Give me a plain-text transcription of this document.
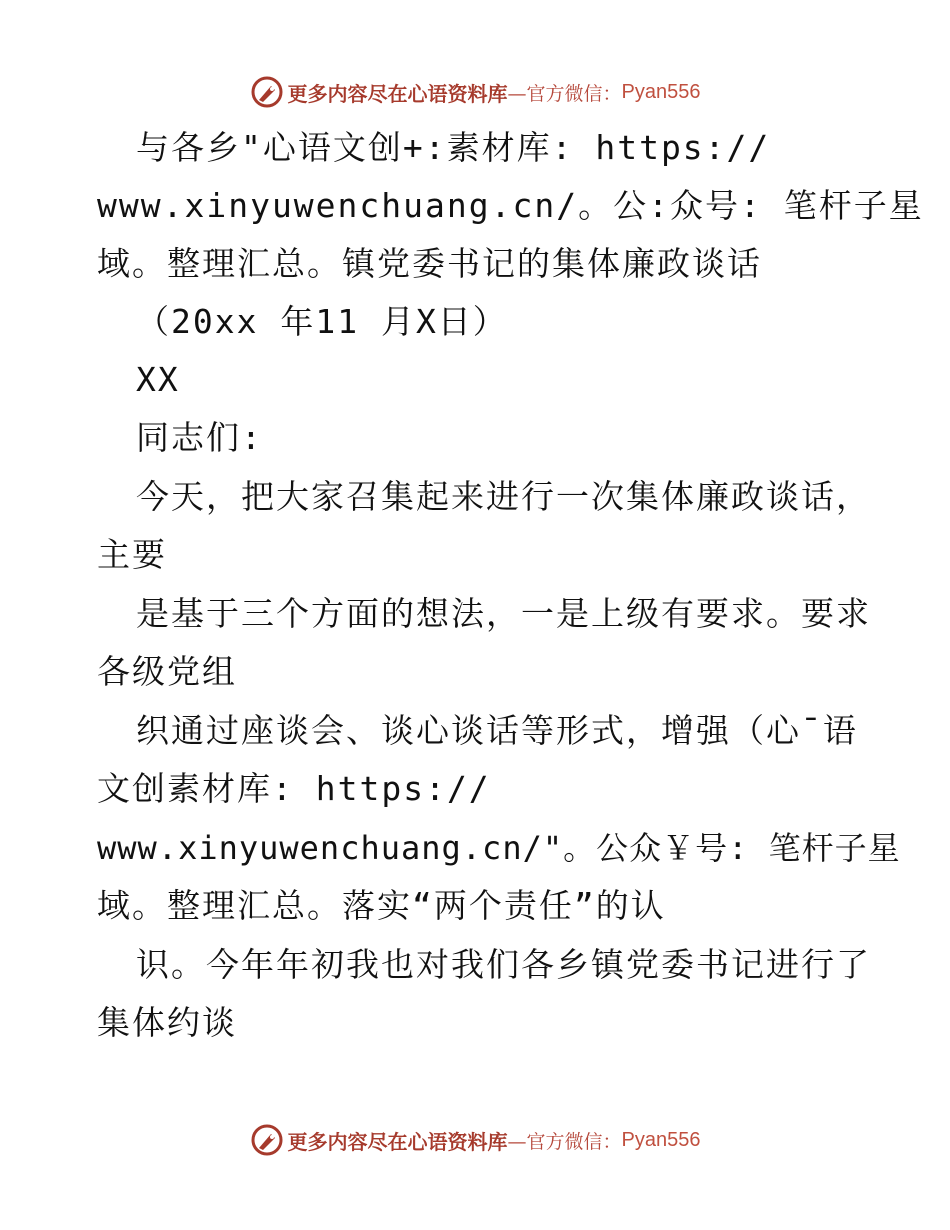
更多内容尽在心语资料库 —官方微信： Pyan556
与各乡"心语文创+:素材库: https://
www.xinyuwenchuang.cn/。公:众号: 笔杆子星
域。整理汇总。镇党委书记的集体廉政谈话
（20xx 年11 月X日）
XX
同志们:
今天，把大家召集起来进行一次集体廉政谈话，
主要
是基于三个方面的想法，一是上级有要求。要求
各级党组
织通过座谈会、谈心谈话等形式，增强（心¯语
文创素材库: https://
www.xinyuwenchuang.cn/"。公众￥号: 笔杆子星
域。整理汇总。落实“两个责任”的认
识。今年年初我也对我们各乡镇党委书记进行了
集体约谈
更多内容尽在心语资料库 —官方微信： Pyan556
